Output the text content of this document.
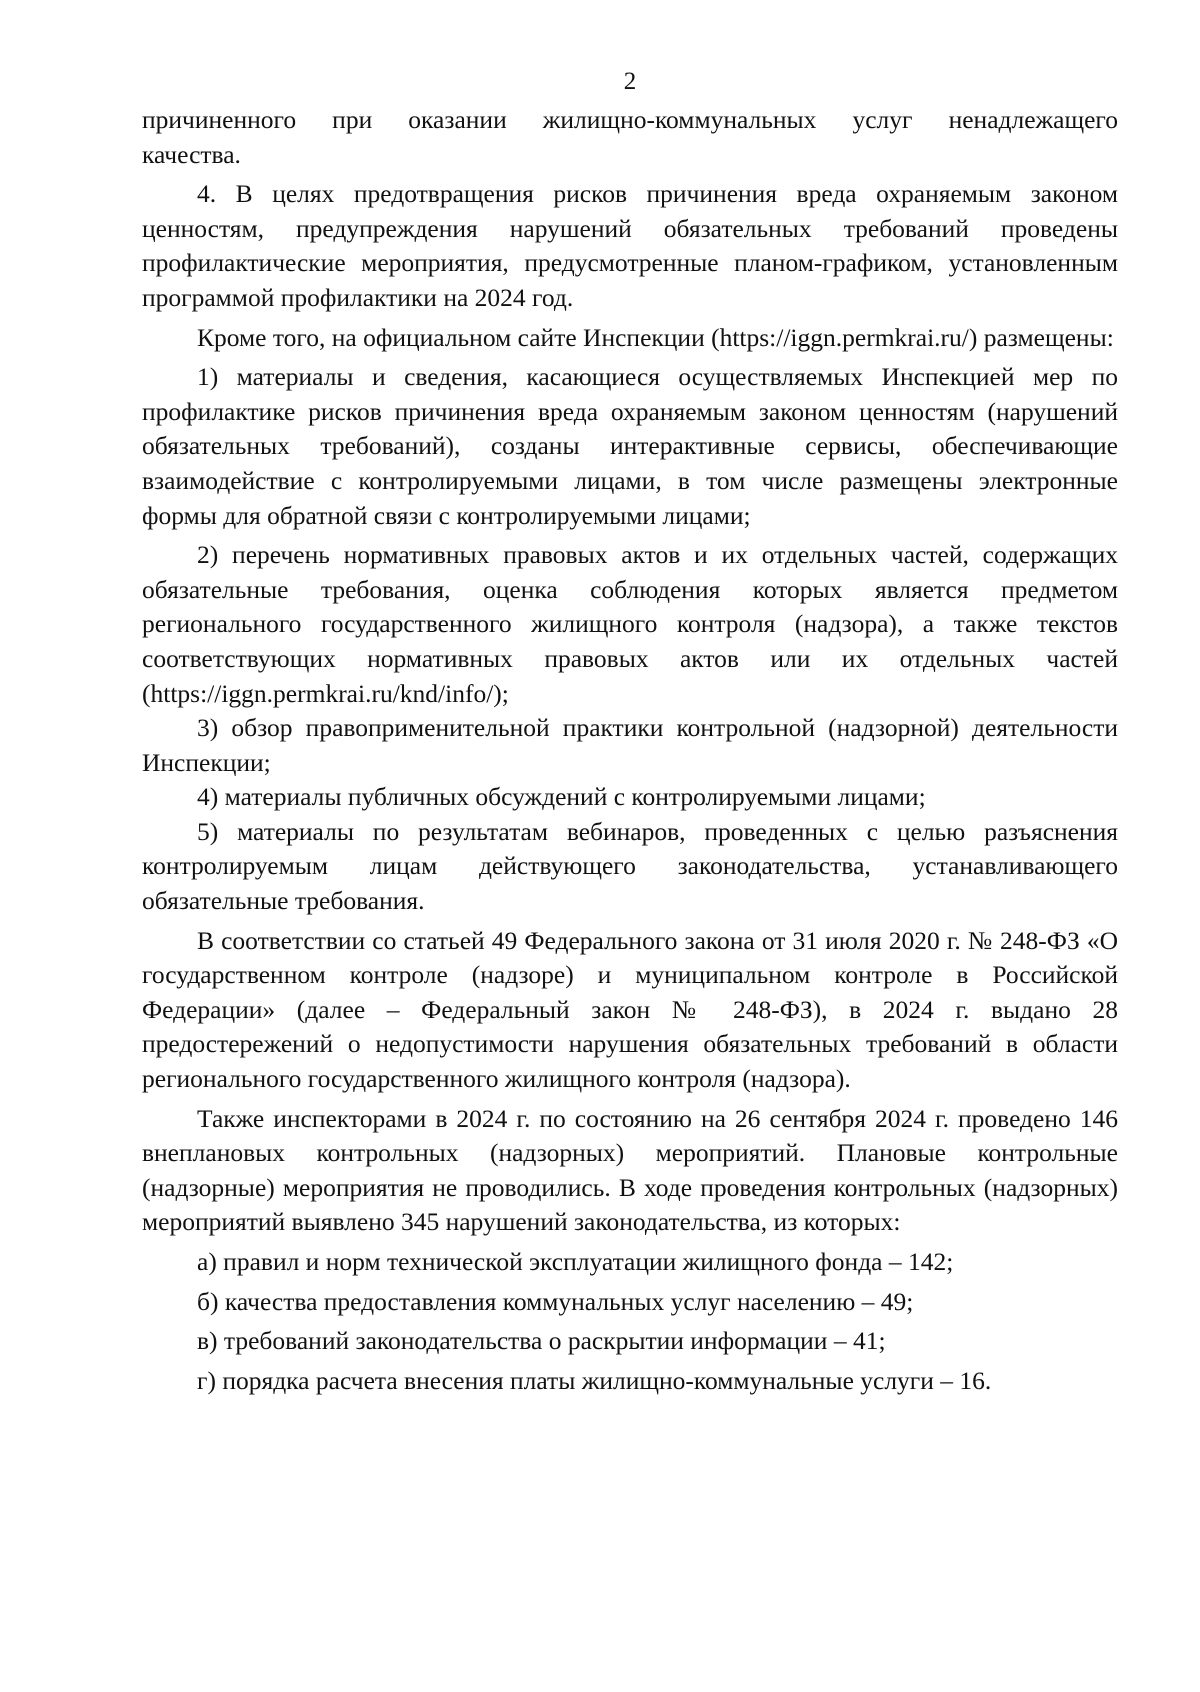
2

причиненного при оказании жилищно-коммунальных услуг ненадлежащего
качества.

4. В целях предотвращения рисков причинения вреда охраняемым законом ценностям, предупреждения нарушений обязательных требований проведены профилактические мероприятия, предусмотренные планом-графиком, установленным программой профилактики на 2024 год.

Кроме того, на официальном сайте Инспекции (https://iggn.permkrai.ru/) размещены:

1) материалы и сведения, касающиеся осуществляемых Инспекцией мер по профилактике рисков причинения вреда охраняемым законом ценностям (нарушений обязательных требований), созданы интерактивные сервисы, обеспечивающие взаимодействие с контролируемыми лицами, в том числе размещены электронные формы для обратной связи с контролируемыми лицами;

2) перечень нормативных правовых актов и их отдельных частей, содержащих обязательные требования, оценка соблюдения которых является предметом регионального государственного жилищного контроля (надзора), а также текстов соответствующих нормативных правовых актов или их отдельных частей (https://iggn.permkrai.ru/knd/info/);

3) обзор правоприменительной практики контрольной (надзорной) деятельности Инспекции;

4) материалы публичных обсуждений с контролируемыми лицами;

5) материалы по результатам вебинаров, проведенных с целью разъяснения контролируемым лицам действующего законодательства, устанавливающего обязательные требования.

В соответствии со статьей 49 Федерального закона от 31 июля 2020 г. № 248-ФЗ «О государственном контроле (надзоре) и муниципальном контроле в Российской Федерации» (далее – Федеральный закон № 248-ФЗ), в 2024 г. выдано 28 предостережений о недопустимости нарушения обязательных требований в области регионального государственного жилищного контроля (надзора).

Также инспекторами в 2024 г. по состоянию на 26 сентября 2024 г. проведено 146 внеплановых контрольных (надзорных) мероприятий. Плановые контрольные (надзорные) мероприятия не проводились. В ходе проведения контрольных (надзорных) мероприятий выявлено 345 нарушений законодательства, из которых:

а) правил и норм технической эксплуатации жилищного фонда – 142;

б) качества предоставления коммунальных услуг населению – 49;

в) требований законодательства о раскрытии информации – 41;

г) порядка расчета внесения платы жилищно-коммунальные услуги – 16.
